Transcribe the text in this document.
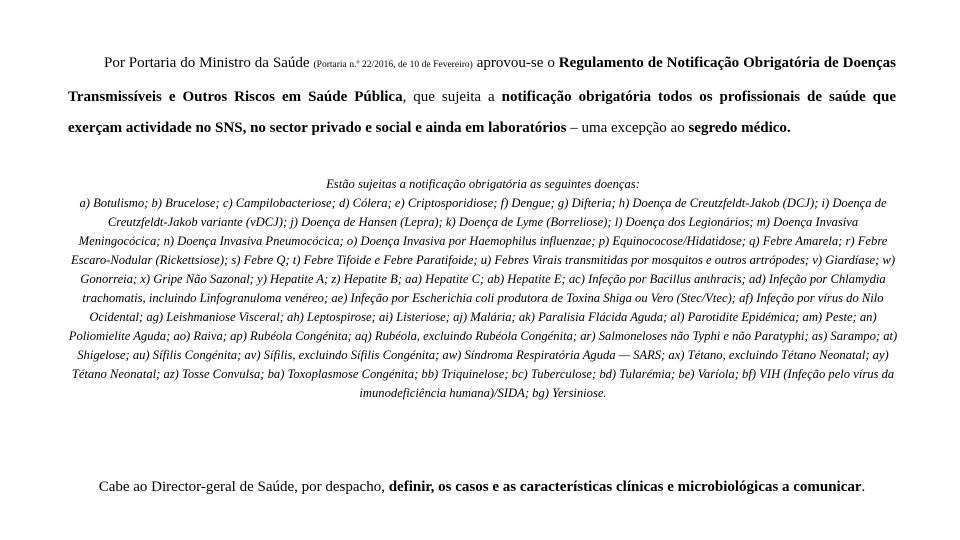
Por Portaria do Ministro da Saúde (Portaria n.º 22/2016, de 10 de Fevereiro) aprovou-se o Regulamento de Notificação Obrigatória de Doenças Transmissíveis e Outros Riscos em Saúde Pública, que sujeita a notificação obrigatória todos os profissionais de saúde que exerçam actividade no SNS, no sector privado e social e ainda em laboratórios – uma excepção ao segredo médico.

Estão sujeitas a notificação obrigatória as seguintes doenças:
a) Botulismo; b) Brucelose; c) Campilobacteriose; d) Cólera; e) Criptosporidiose; f) Dengue; g) Difteria; h) Doença de Creutzfeldt-Jakob (DCJ); i) Doença de Creutzfeldt-Jakob variante (vDCJ); j) Doença de Hansen (Lepra); k) Doença de Lyme (Borreliose); l) Doença dos Legionários; m) Doença Invasiva Meningocócica; n) Doença Invasiva Pneumocócica; o) Doença Invasiva por Haemophilus influenzae; p) Equinococose/Hidatidose; q) Febre Amarela; r) Febre Escaro-Nodular (Rickettsiose); s) Febre Q; t) Febre Tifoide e Febre Paratifoide; u) Febres Virais transmitidas por mosquitos e outros artrópodes; v) Giardíase; w) Gonorreia; x) Gripe Não Sazonal; y) Hepatite A; z) Hepatite B; aa) Hepatite C; ab) Hepatite E; ac) Infeção por Bacillus anthracis; ad) Infeção por Chlamydia trachomatis, incluindo Linfogranuloma venéreo; ae) Infeção por Escherichia coli produtora de Toxina Shiga ou Vero (Stec/Vtec); af) Infeção por vírus do Nilo Ocidental; ag) Leishmaniose Visceral; ah) Leptospirose; ai) Listeriose; aj) Malária; ak) Paralisia Flácida Aguda; al) Parotidite Epidémica; am) Peste; an) Poliomielite Aguda; ao) Raiva; ap) Rubéola Congénita; aq) Rubéola, excluindo Rubéola Congénita; ar) Salmoneloses não Typhi e não Paratyphi; as) Sarampo; at) Shigelose; au) Sífilis Congénita; av) Sífilis, excluindo Sífilis Congénita; aw) Síndroma Respiratória Aguda — SARS; ax) Tétano, excluindo Tétano Neonatal; ay) Tétano Neonatal; az) Tosse Convulsa; ba) Toxoplasmose Congénita; bb) Triquinelose; bc) Tuberculose; bd) Tularémia; be) Varíola; bf) VIH (Infeção pelo vírus da imunodeficiência humana)/SIDA; bg) Yersiniose.

Cabe ao Director-geral de Saúde, por despacho, definir, os casos e as características clínicas e microbiológicas a comunicar.
